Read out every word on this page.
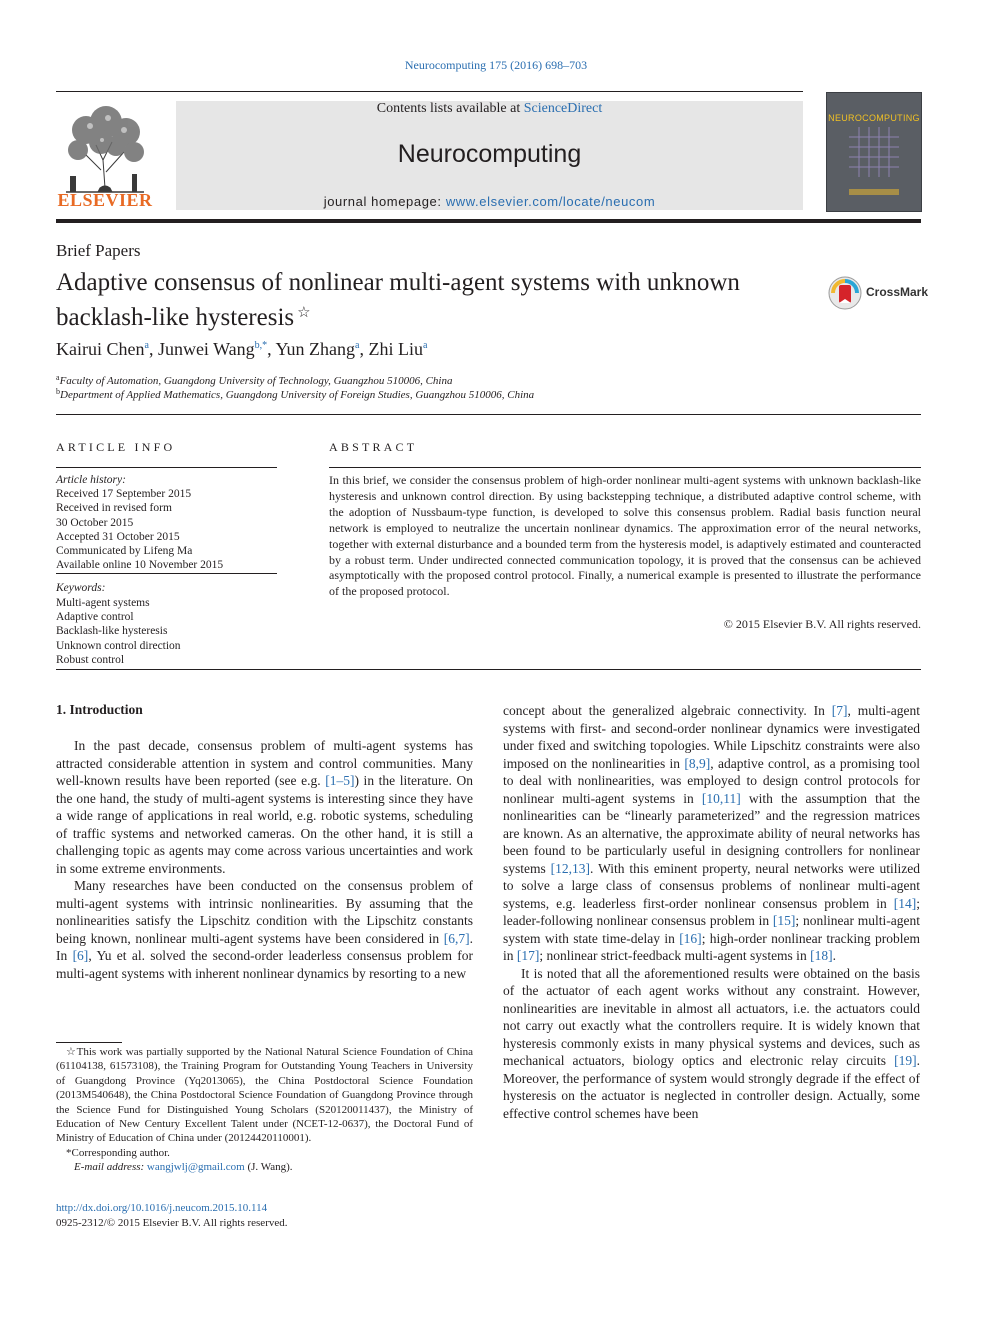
Neurocomputing 175 (2016) 698–703
Contents lists available at ScienceDirect
Neurocomputing
journal homepage: www.elsevier.com/locate/neucom
ELSEVIER
NEUROCOMPUTING
Brief Papers
Adaptive consensus of nonlinear multi-agent systems with unknown
backlash-like hysteresis ☆
CrossMark
Kairui Chen$^a$, Junwei Wang$^{b,*}$, Yun Zhang$^a$, Zhi Liu$^a$
$^a$Faculty of Automation, Guangdong University of Technology, Guangzhou 510006, China
$^b$Department of Applied Mathematics, Guangdong University of Foreign Studies, Guangzhou 510006, China
ARTICLE INFO
Article history:
Received 17 September 2015
Received in revised form
30 October 2015
Accepted 31 October 2015
Communicated by Lifeng Ma
Available online 10 November 2015
Keywords:
Multi-agent systems
Adaptive control
Backlash-like hysteresis
Unknown control direction
Robust control
ABSTRACT
In this brief, we consider the consensus problem of high-order nonlinear multi-agent systems with unknown backlash-like hysteresis and unknown control direction. By using backstepping technique, a distributed adaptive control scheme, with the adoption of Nussbaum-type function, is developed to solve this consensus problem. Radial basis function neural network is employed to neutralize the uncertain nonlinear dynamics. The approximation error of the neural networks, together with external disturbance and a bounded term from the hysteresis model, is adaptively estimated and counteracted by a robust term. Under undirected connected communication topology, it is proved that the consensus can be achieved asymptotically with the proposed control protocol. Finally, a numerical example is presented to illustrate the performance of the proposed protocol.
© 2015 Elsevier B.V. All rights reserved.
1. Introduction

In the past decade, consensus problem of multi-agent systems has attracted considerable attention in system and control communities. Many well-known results have been reported (see e.g. [1–5]) in the literature. On the one hand, the study of multi-agent systems is interesting since they have a wide range of applications in real world, e.g. robotic systems, scheduling of traffic systems and networked cameras. On the other hand, it is still a challenging topic as agents may come across various uncertainties and work in some extreme environments.

Many researches have been conducted on the consensus problem of multi-agent systems with intrinsic nonlinearities. By assuming that the nonlinearities satisfy the Lipschitz condition with the Lipschitz constants being known, nonlinear multi-agent systems have been considered in [6,7]. In [6], Yu et al. solved the second-order leaderless consensus problem for multi-agent systems with inherent nonlinear dynamics by resorting to a new

concept about the generalized algebraic connectivity. In [7], multi-agent systems with first- and second-order nonlinear dynamics were investigated under fixed and switching topologies. While Lipschitz constraints were also imposed on the nonlinearities in [8,9], adaptive control, as a promising tool to deal with nonlinearities, was employed to design control protocols for nonlinear multi-agent systems in [10,11] with the assumption that the nonlinearities can be “linearly parameterized” and the regression matrices are known. As an alternative, the approximate ability of neural networks has been found to be particularly useful in designing controllers for nonlinear systems [12,13]. With this eminent property, neural networks were utilized to solve a large class of consensus problems of nonlinear multi-agent systems, e.g. leaderless first-order nonlinear consensus problem in [14]; leader-following nonlinear consensus problem in [15]; nonlinear multi-agent system with state time-delay in [16]; high-order nonlinear tracking problem in [17]; nonlinear strict-feedback multi-agent systems in [18].

It is noted that all the aforementioned results were obtained on the basis of the actuator of each agent works without any constraint. However, nonlinearities are inevitable in almost all actuators, i.e. the actuators could not carry out exactly what the controllers require. It is widely known that hysteresis commonly exists in many physical systems and devices, such as mechanical actuators, biology optics and electronic relay circuits [19]. Moreover, the performance of system would strongly degrade if the effect of hysteresis on the actuator is neglected in controller design. Actually, some effective control schemes have been

☆This work was partially supported by the National Natural Science Foundation of China (61104138, 61573108), the Training Program for Outstanding Young Teachers in University of Guangdong Province (Yq2013065), the China Postdoctoral Science Foundation (2013M540648), the China Postdoctoral Science Foundation of Guangdong Province through the Science Fund for Distinguished Young Scholars (S20120011437), the Ministry of Education of New Century Excellent Talent under (NCET-12-0637), the Doctoral Fund of Ministry of Education of China under (20124420110001).

*Corresponding author.

E-mail address: wangjwlj@gmail.com (J. Wang).

http://dx.doi.org/10.1016/j.neucom.2015.10.114
0925-2312/© 2015 Elsevier B.V. All rights reserved.
